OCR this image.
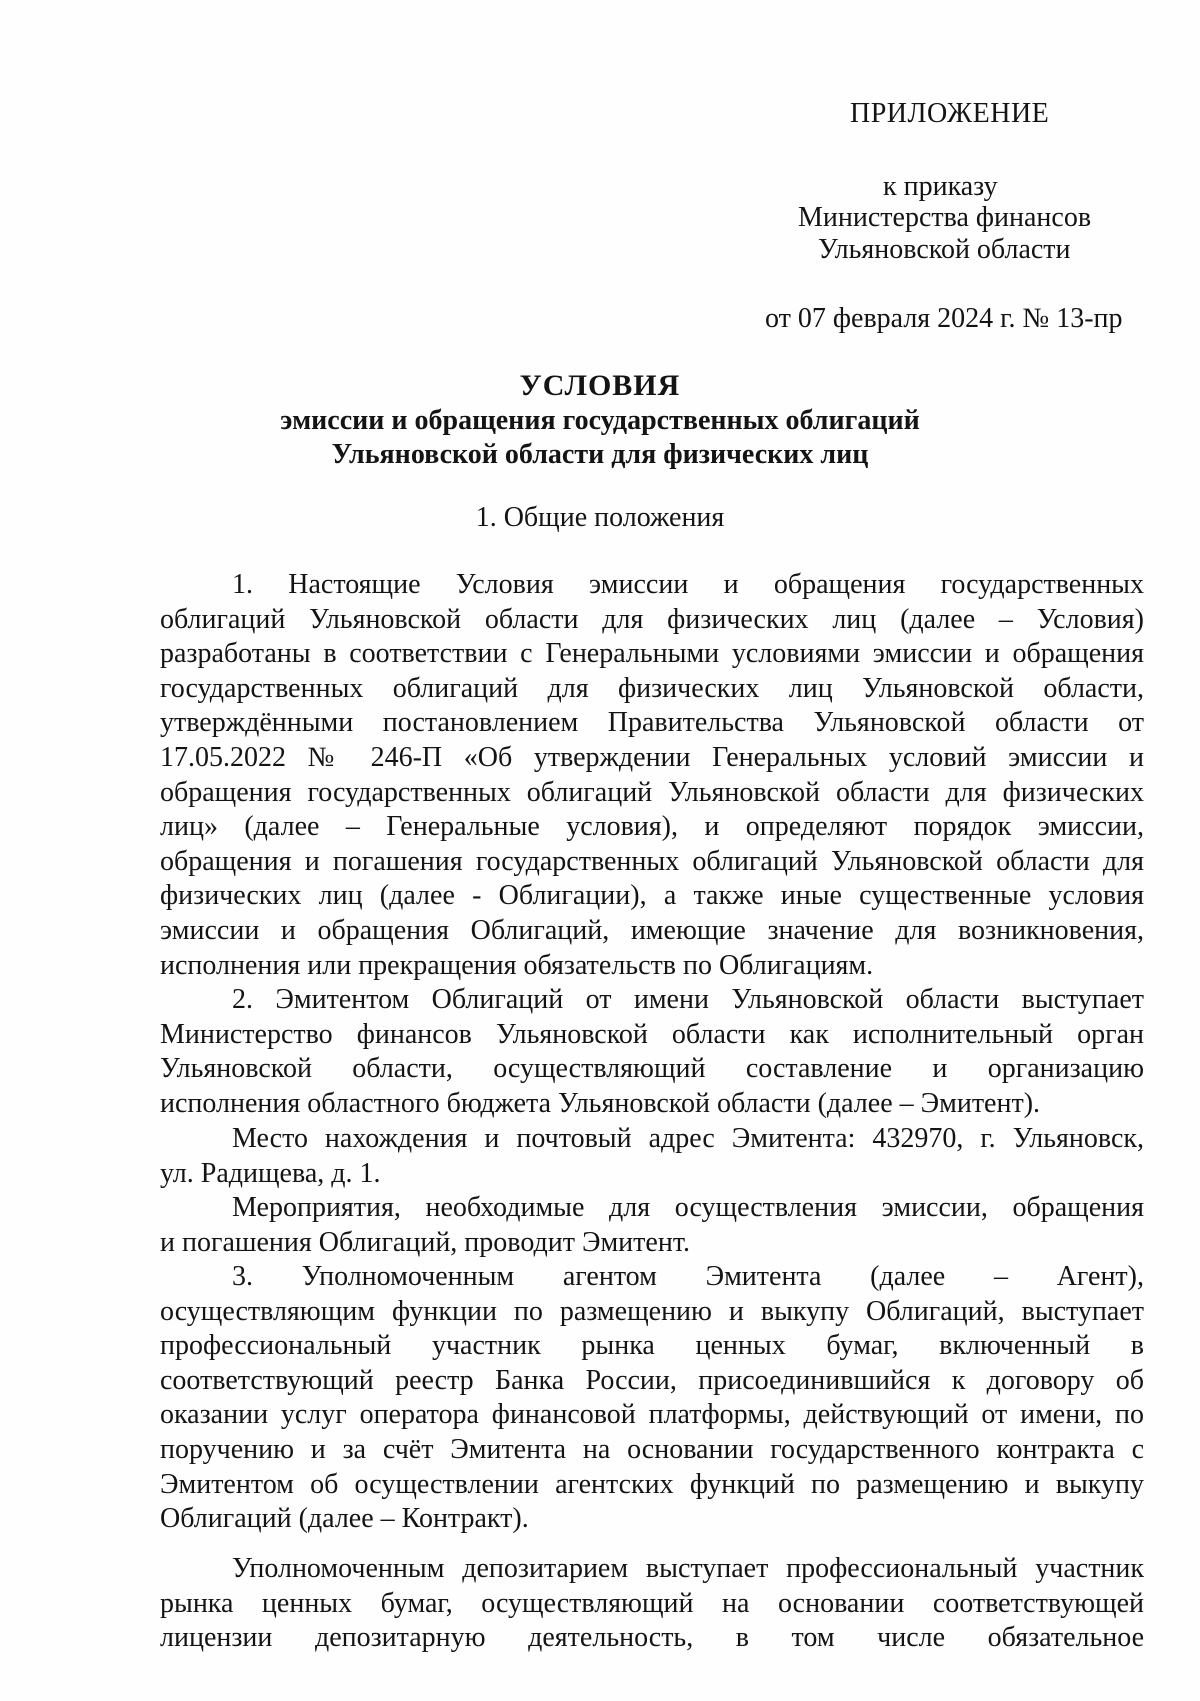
ПРИЛОЖЕНИЕ
к приказу
Министерства финансов
Ульяновской области
от 07 февраля 2024 г. № 13-пр
УСЛОВИЯ
эмиссии и обращения государственных облигаций
Ульяновской области для физических лиц
1. Общие положения
1. Настоящие Условия эмиссии и обращения государственных
облигаций Ульяновской области для физических лиц (далее – Условия)
разработаны в соответствии с Генеральными условиями эмиссии и обращения
государственных облигаций для физических лиц Ульяновской области,
утверждёнными постановлением Правительства Ульяновской области от
17.05.2022 № 246-П «Об утверждении Генеральных условий эмиссии и
обращения государственных облигаций Ульяновской области для физических
лиц» (далее – Генеральные условия), и определяют порядок эмиссии,
обращения и погашения государственных облигаций Ульяновской области для
физических лиц (далее - Облигации), а также иные существенные условия
эмиссии и обращения Облигаций, имеющие значение для возникновения,
исполнения или прекращения обязательств по Облигациям.
2. Эмитентом Облигаций от имени Ульяновской области выступает
Министерство финансов Ульяновской области как исполнительный орган
Ульяновской области, осуществляющий составление и организацию
исполнения областного бюджета Ульяновской области (далее – Эмитент).
Место нахождения и почтовый адрес Эмитента: 432970, г. Ульяновск,
ул. Радищева, д. 1.
Мероприятия, необходимые для осуществления эмиссии, обращения
и погашения Облигаций, проводит Эмитент.
3. Уполномоченным агентом Эмитента (далее – Агент),
осуществляющим функции по размещению и выкупу Облигаций, выступает
профессиональный участник рынка ценных бумаг, включенный в
соответствующий реестр Банка России, присоединившийся к договору об
оказании услуг оператора финансовой платформы, действующий от имени, по
поручению и за счёт Эмитента на основании государственного контракта с
Эмитентом об осуществлении агентских функций по размещению и выкупу
Облигаций (далее – Контракт).
Уполномоченным депозитарием выступает профессиональный участник
рынка ценных бумаг, осуществляющий на основании соответствующей
лицензии депозитарную деятельность, в том числе обязательное
